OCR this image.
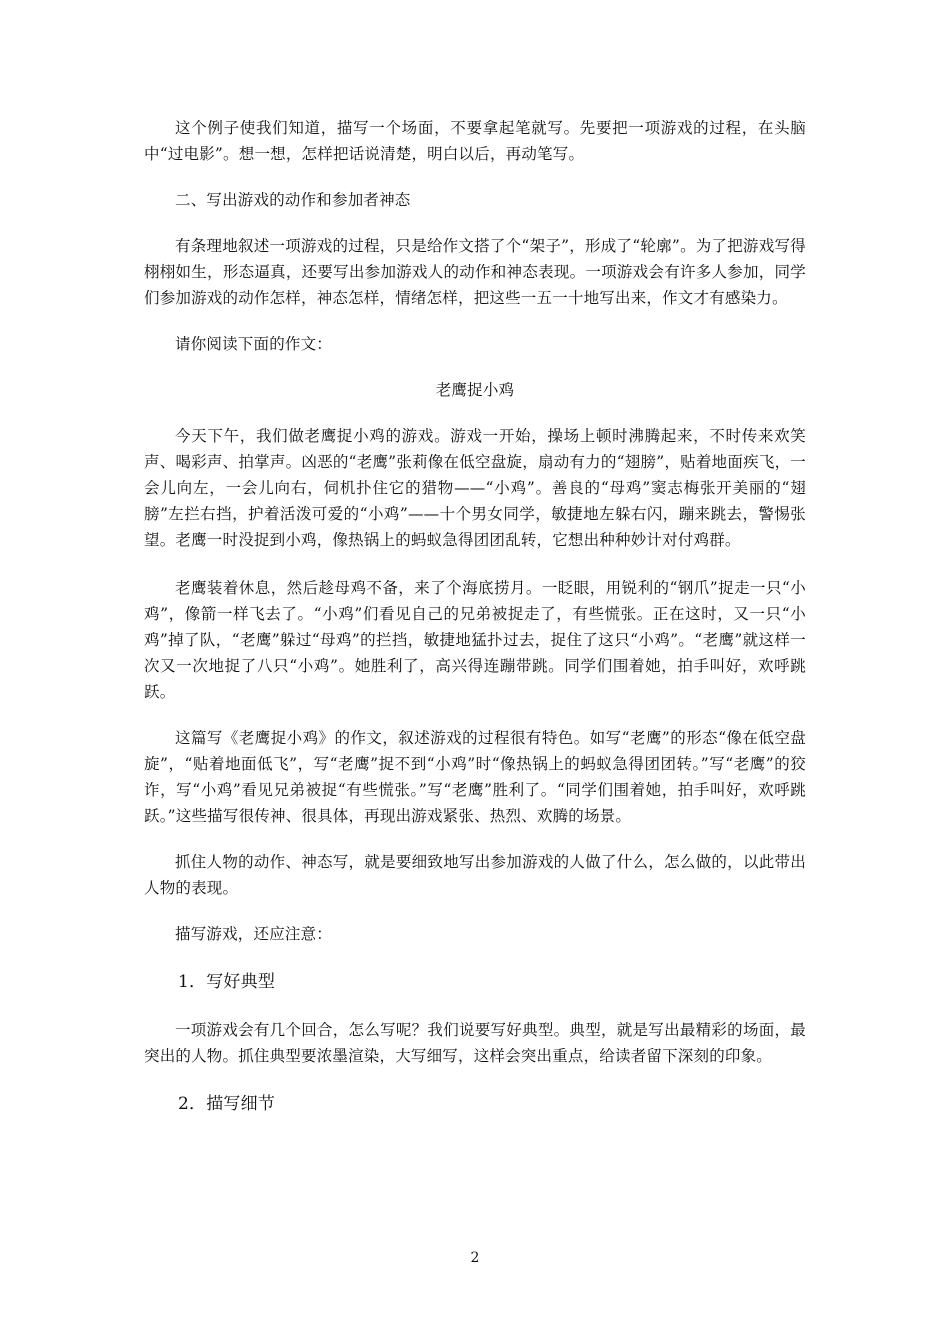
这个例子使我们知道，描写一个场面，不要拿起笔就写。先要把一项游戏的过程，在头脑中“过电影”。想一想，怎样把话说清楚，明白以后，再动笔写。

二、写出游戏的动作和参加者神态

有条理地叙述一项游戏的过程，只是给作文搭了个“架子”，形成了“轮廓”。为了把游戏写得栩栩如生，形态逼真，还要写出参加游戏人的动作和神态表现。一项游戏会有许多人参加，同学们参加游戏的动作怎样，神态怎样，情绪怎样，把这些一五一十地写出来，作文才有感染力。

请你阅读下面的作文：

老鹰捉小鸡

今天下午，我们做老鹰捉小鸡的游戏。游戏一开始，操场上顿时沸腾起来，不时传来欢笑声、喝彩声、拍掌声。凶恶的“老鹰”张莉像在低空盘旋，扇动有力的“翅膀”，贴着地面疾飞，一会儿向左，一会儿向右，伺机扑住它的猎物——“小鸡”。善良的“母鸡”窦志梅张开美丽的“翅膀”左拦右挡，护着活泼可爱的“小鸡”——十个男女同学，敏捷地左躲右闪，蹦来跳去，警惕张望。老鹰一时没捉到小鸡，像热锅上的蚂蚁急得团团乱转，它想出种种妙计对付鸡群。

老鹰装着休息，然后趁母鸡不备，来了个海底捞月。一眨眼，用锐利的“钢爪”捉走一只“小鸡”，像箭一样飞去了。“小鸡”们看见自己的兄弟被捉走了，有些慌张。正在这时，又一只“小鸡”掉了队，“老鹰”躲过“母鸡”的拦挡，敏捷地猛扑过去，捉住了这只“小鸡”。“老鹰”就这样一次又一次地捉了八只“小鸡”。她胜利了，高兴得连蹦带跳。同学们围着她，拍手叫好，欢呼跳跃。

这篇写《老鹰捉小鸡》的作文，叙述游戏的过程很有特色。如写“老鹰”的形态“像在低空盘旋”，“贴着地面低飞”，写“老鹰”捉不到“小鸡”时“像热锅上的蚂蚁急得团团转。”写“老鹰”的狡诈，写“小鸡”看见兄弟被捉“有些慌张。”写“老鹰”胜利了。“同学们围着她，拍手叫好，欢呼跳跃。”这些描写很传神、很具体，再现出游戏紧张、热烈、欢腾的场景。

抓住人物的动作、神态写，就是要细致地写出参加游戏的人做了什么，怎么做的，以此带出人物的表现。

描写游戏，还应注意：

1．写好典型

一项游戏会有几个回合，怎么写呢？我们说要写好典型。典型，就是写出最精彩的场面，最突出的人物。抓住典型要浓墨渲染，大写细写，这样会突出重点，给读者留下深刻的印象。

2．描写细节

2
